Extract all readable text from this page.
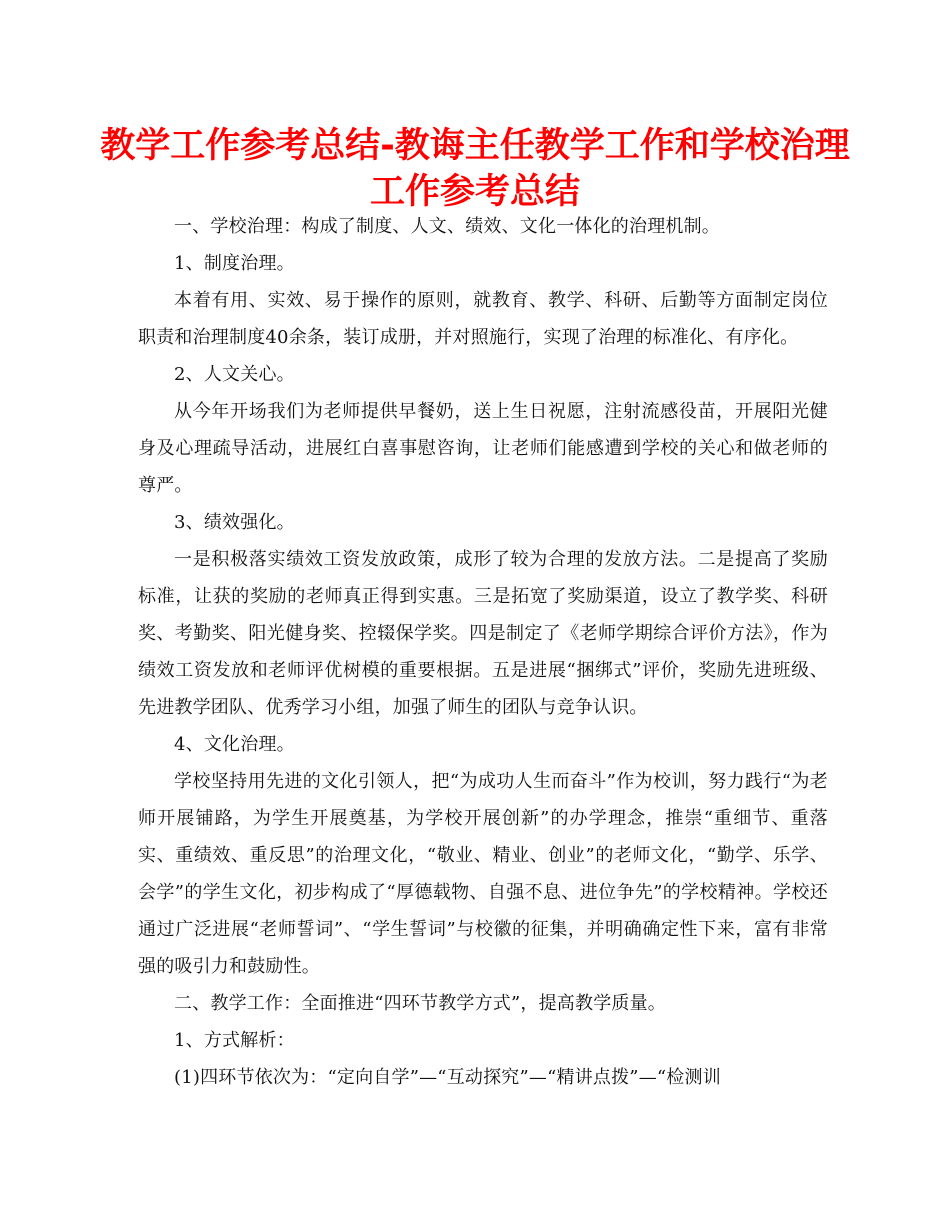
教学工作参考总结-教诲主任教学工作和学校治理
工作参考总结

一、学校治理：构成了制度、人文、绩效、文化一体化的治理机制。

1、制度治理。

本着有用、实效、易于操作的原则，就教育、教学、科研、后勤等方面制定岗位职责和治理制度40余条，装订成册，并对照施行，实现了治理的标准化、有序化。

2、人文关心。

从今年开场我们为老师提供早餐奶，送上生日祝愿，注射流感役苗，开展阳光健身及心理疏导活动，进展红白喜事慰咨询，让老师们能感遭到学校的关心和做老师的尊严。

3、绩效强化。

一是积极落实绩效工资发放政策，成形了较为合理的发放方法。二是提高了奖励标准，让获的奖励的老师真正得到实惠。三是拓宽了奖励渠道，设立了教学奖、科研奖、考勤奖、阳光健身奖、控辍保学奖。四是制定了《老师学期综合评价方法》，作为绩效工资发放和老师评优树模的重要根据。五是进展“捆绑式”评价，奖励先进班级、先进教学团队、优秀学习小组，加强了师生的团队与竞争认识。

4、文化治理。

学校坚持用先进的文化引领人，把“为成功人生而奋斗”作为校训，努力践行“为老师开展铺路，为学生开展奠基，为学校开展创新”的办学理念，推崇“重细节、重落实、重绩效、重反思”的治理文化，“敬业、精业、创业”的老师文化，“勤学、乐学、会学”的学生文化，初步构成了“厚德载物、自强不息、进位争先”的学校精神。学校还通过广泛进展“老师誓词”、“学生誓词”与校徽的征集，并明确确定性下来，富有非常强的吸引力和鼓励性。

二、教学工作：全面推进“四环节教学方式”，提高教学质量。

1、方式解析：

(1)四环节依次为：“定向自学”—“互动探究”—“精讲点拨”—“检测训
